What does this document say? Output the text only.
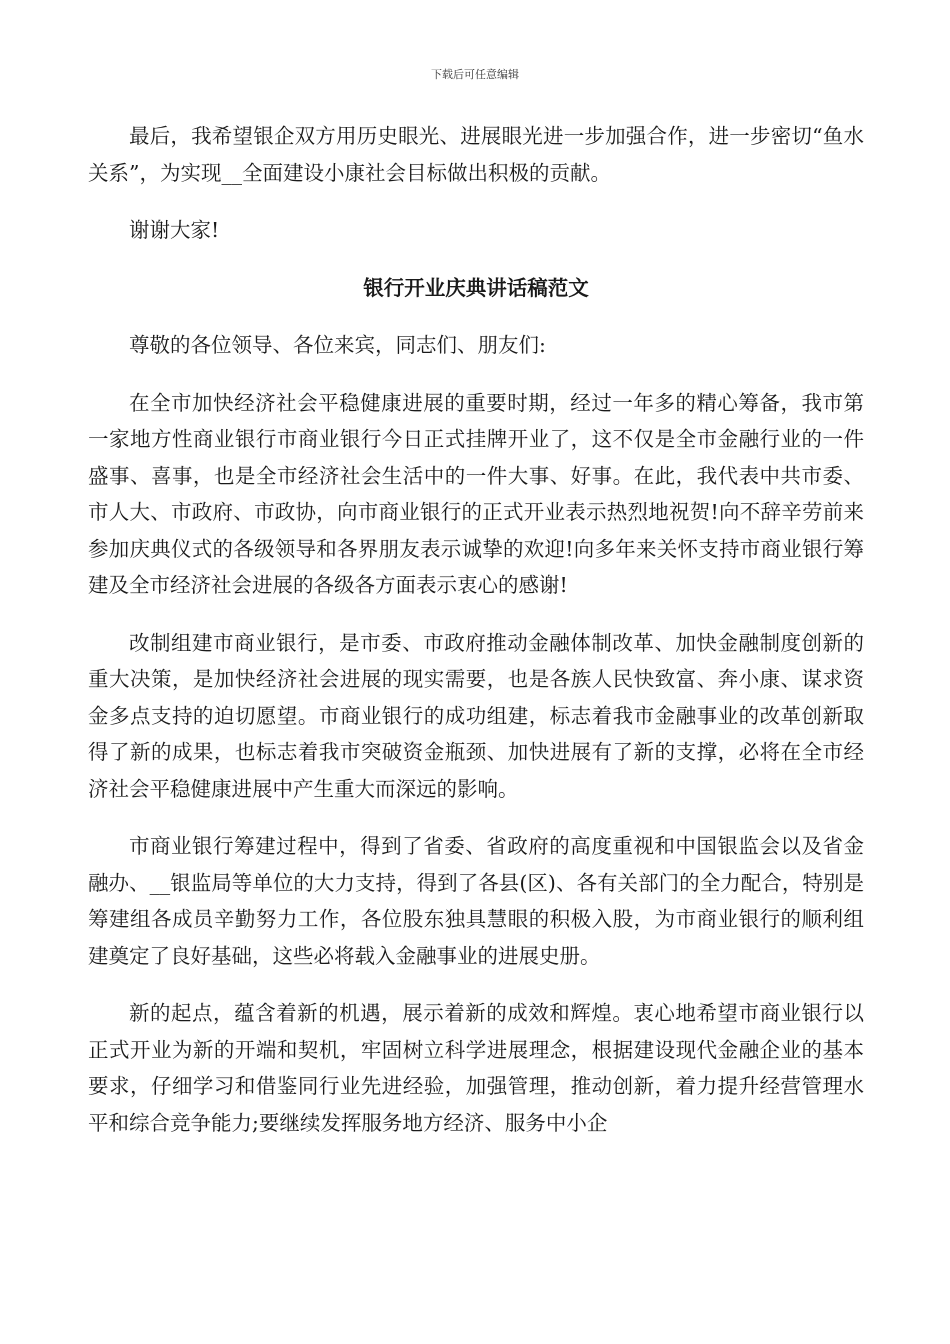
下载后可任意编辑

最后，我希望银企双方用历史眼光、进展眼光进一步加强合作，进一步密切“鱼水关系”，为实现__全面建设小康社会目标做出积极的贡献。

谢谢大家!

银行开业庆典讲话稿范文

尊敬的各位领导、各位来宾，同志们、朋友们:

在全市加快经济社会平稳健康进展的重要时期，经过一年多的精心筹备，我市第一家地方性商业银行市商业银行今日正式挂牌开业了，这不仅是全市金融行业的一件盛事、喜事，也是全市经济社会生活中的一件大事、好事。在此，我代表中共市委、市人大、市政府、市政协，向市商业银行的正式开业表示热烈地祝贺!向不辞辛劳前来参加庆典仪式的各级领导和各界朋友表示诚挚的欢迎!向多年来关怀支持市商业银行筹建及全市经济社会进展的各级各方面表示衷心的感谢!

改制组建市商业银行，是市委、市政府推动金融体制改革、加快金融制度创新的重大决策，是加快经济社会进展的现实需要，也是各族人民快致富、奔小康、谋求资金多点支持的迫切愿望。市商业银行的成功组建，标志着我市金融事业的改革创新取得了新的成果，也标志着我市突破资金瓶颈、加快进展有了新的支撑，必将在全市经济社会平稳健康进展中产生重大而深远的影响。

市商业银行筹建过程中，得到了省委、省政府的高度重视和中国银监会以及省金融办、__银监局等单位的大力支持，得到了各县(区)、各有关部门的全力配合，特别是筹建组各成员辛勤努力工作，各位股东独具慧眼的积极入股，为市商业银行的顺利组建奠定了良好基础，这些必将载入金融事业的进展史册。

新的起点，蕴含着新的机遇，展示着新的成效和辉煌。衷心地希望市商业银行以正式开业为新的开端和契机，牢固树立科学进展理念，根据建设现代金融企业的基本要求，仔细学习和借鉴同行业先进经验，加强管理，推动创新，着力提升经营管理水平和综合竞争能力;要继续发挥服务地方经济、服务中小企
